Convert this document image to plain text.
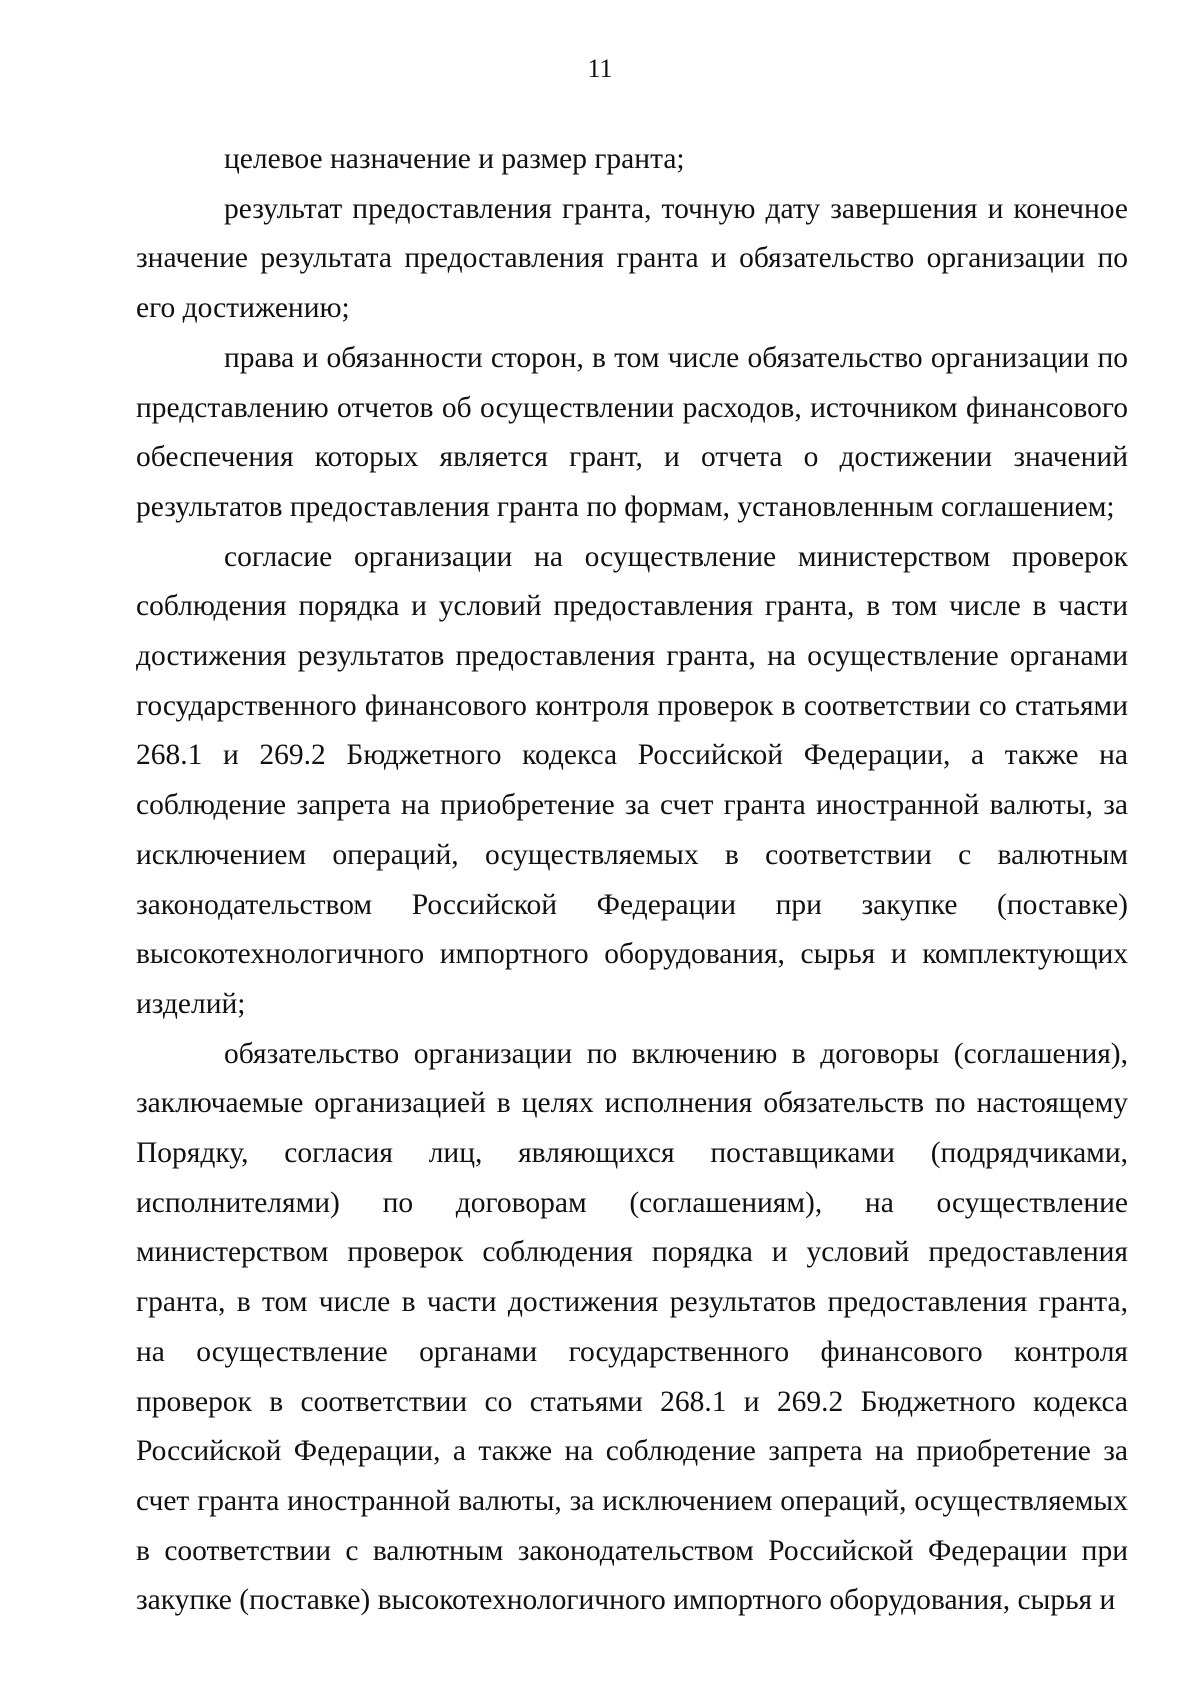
11

целевое назначение и размер гранта;

результат предоставления гранта, точную дату завершения и конечное значение результата предоставления гранта и обязательство организации по его достижению;

права и обязанности сторон, в том числе обязательство организации по представлению отчетов об осуществлении расходов, источником финансового обеспечения которых является грант, и отчета о достижении значений результатов предоставления гранта по формам, установленным соглашением;

согласие организации на осуществление министерством проверок соблюдения порядка и условий предоставления гранта, в том числе в части достижения результатов предоставления гранта, на осуществление органами государственного финансового контроля проверок в соответствии со статьями 268.1 и 269.2 Бюджетного кодекса Российской Федерации, а также на соблюдение запрета на приобретение за счет гранта иностранной валюты, за исключением операций, осуществляемых в соответствии с валютным законодательством Российской Федерации при закупке (поставке) высокотехнологичного импортного оборудования, сырья и комплектующих изделий;

обязательство организации по включению в договоры (соглашения), заключаемые организацией в целях исполнения обязательств по настоящему Порядку, согласия лиц, являющихся поставщиками (подрядчиками, исполнителями) по договорам (соглашениям), на осуществление министерством проверок соблюдения порядка и условий предоставления гранта, в том числе в части достижения результатов предоставления гранта, на осуществление органами государственного финансового контроля проверок в соответствии со статьями 268.1 и 269.2 Бюджетного кодекса Российской Федерации, а также на соблюдение запрета на приобретение за счет гранта иностранной валюты, за исключением операций, осуществляемых в соответствии с валютным законодательством Российской Федерации при закупке (поставке) высокотехнологичного импортного оборудования, сырья и
